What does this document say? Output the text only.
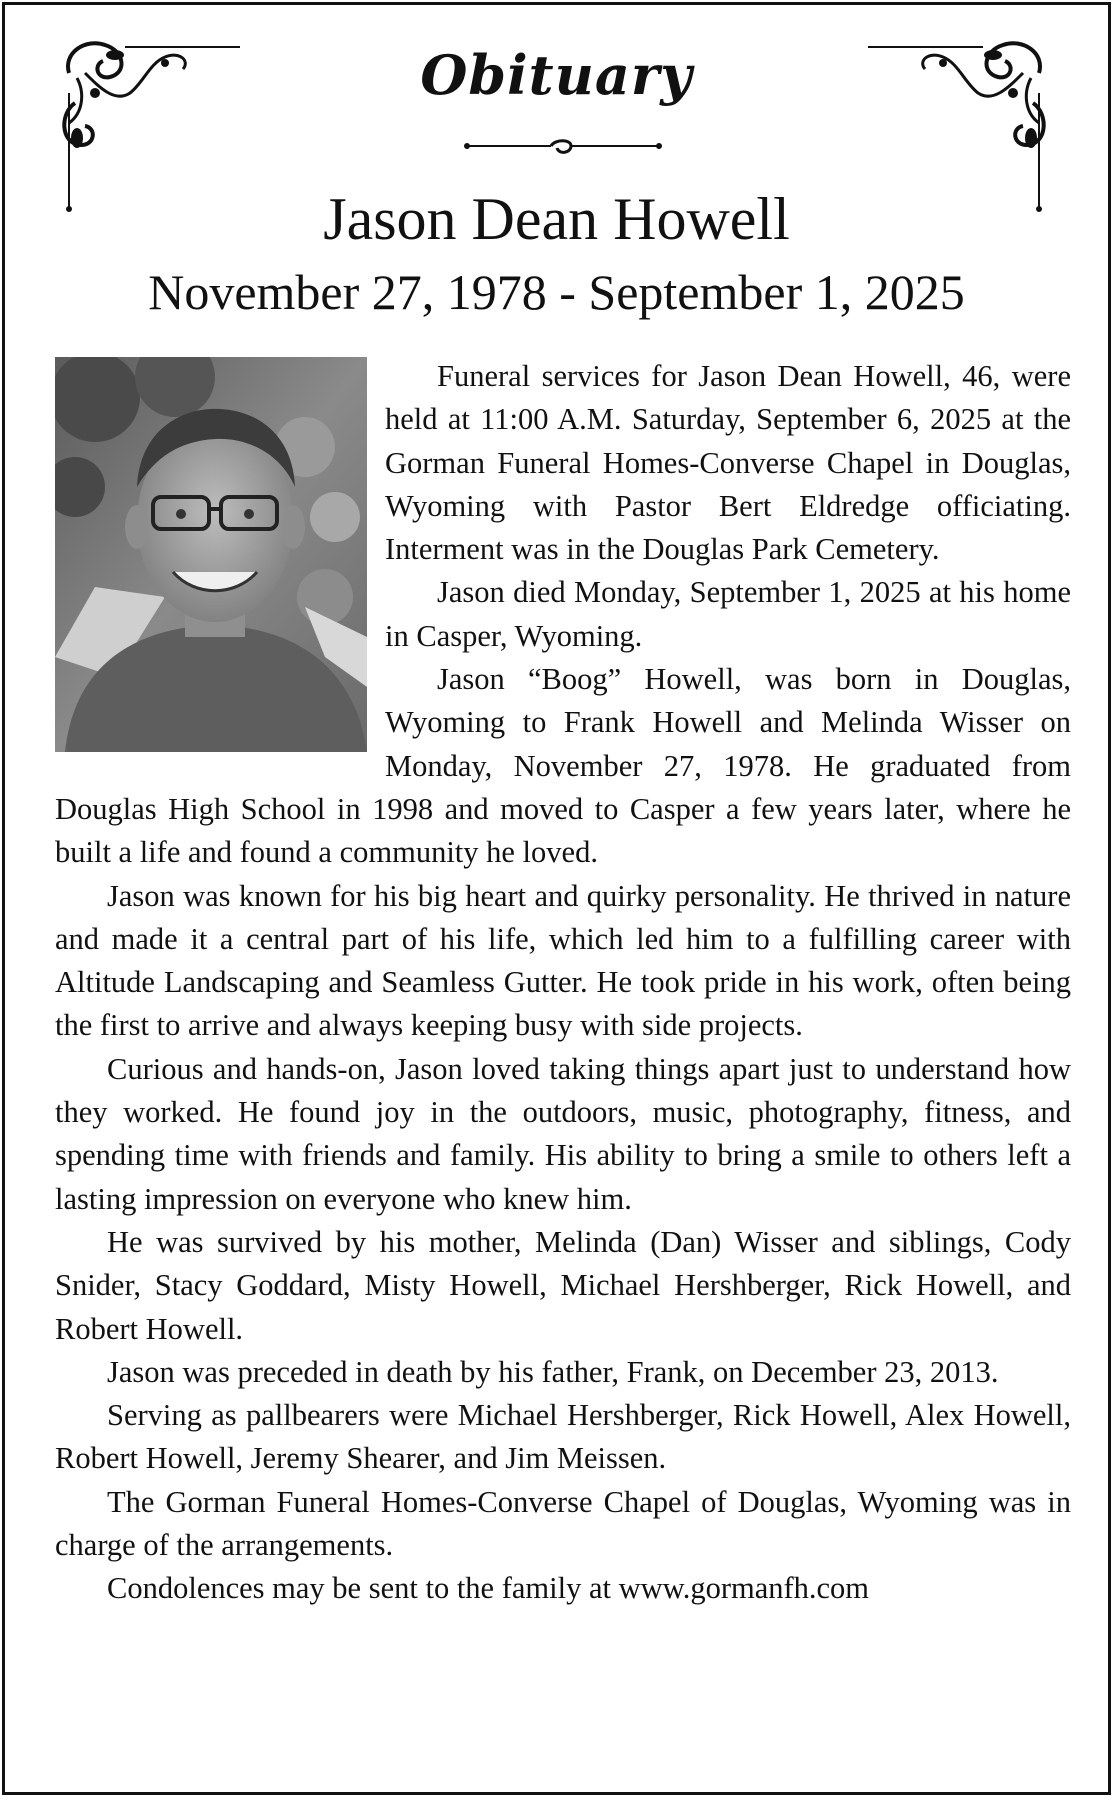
Obituary
Jason Dean Howell
November 27, 1978 - September 1, 2025

Funeral services for Jason Dean Howell, 46, were held at 11:00 A.M. Saturday, September 6, 2025 at the Gorman Funeral Homes-Converse Chapel in Douglas, Wyoming with Pastor Bert Eldredge officiating. Interment was in the Douglas Park Cemetery.

Jason died Monday, September 1, 2025 at his home in Casper, Wyoming.

Jason “Boog” Howell, was born in Douglas, Wyoming to Frank Howell and Melinda Wisser on Monday, November 27, 1978. He graduated from Douglas High School in 1998 and moved to Casper a few years later, where he built a life and found a community he loved.

Jason was known for his big heart and quirky personality. He thrived in nature and made it a central part of his life, which led him to a fulfilling career with Altitude Landscaping and Seamless Gutter. He took pride in his work, often being the first to arrive and always keeping busy with side projects.

Curious and hands-on, Jason loved taking things apart just to understand how they worked. He found joy in the outdoors, music, photography, fitness, and spending time with friends and family. His ability to bring a smile to others left a lasting impression on everyone who knew him.

He was survived by his mother, Melinda (Dan) Wisser and siblings, Cody Snider, Stacy Goddard, Misty Howell, Michael Hershberger, Rick Howell, and Robert Howell.

Jason was preceded in death by his father, Frank, on December 23, 2013.

Serving as pallbearers were Michael Hershberger, Rick Howell, Alex Howell, Robert Howell, Jeremy Shearer, and Jim Meissen.

The Gorman Funeral Homes-Converse Chapel of Douglas, Wyoming was in charge of the arrangements.

Condolences may be sent to the family at www.gormanfh.com
